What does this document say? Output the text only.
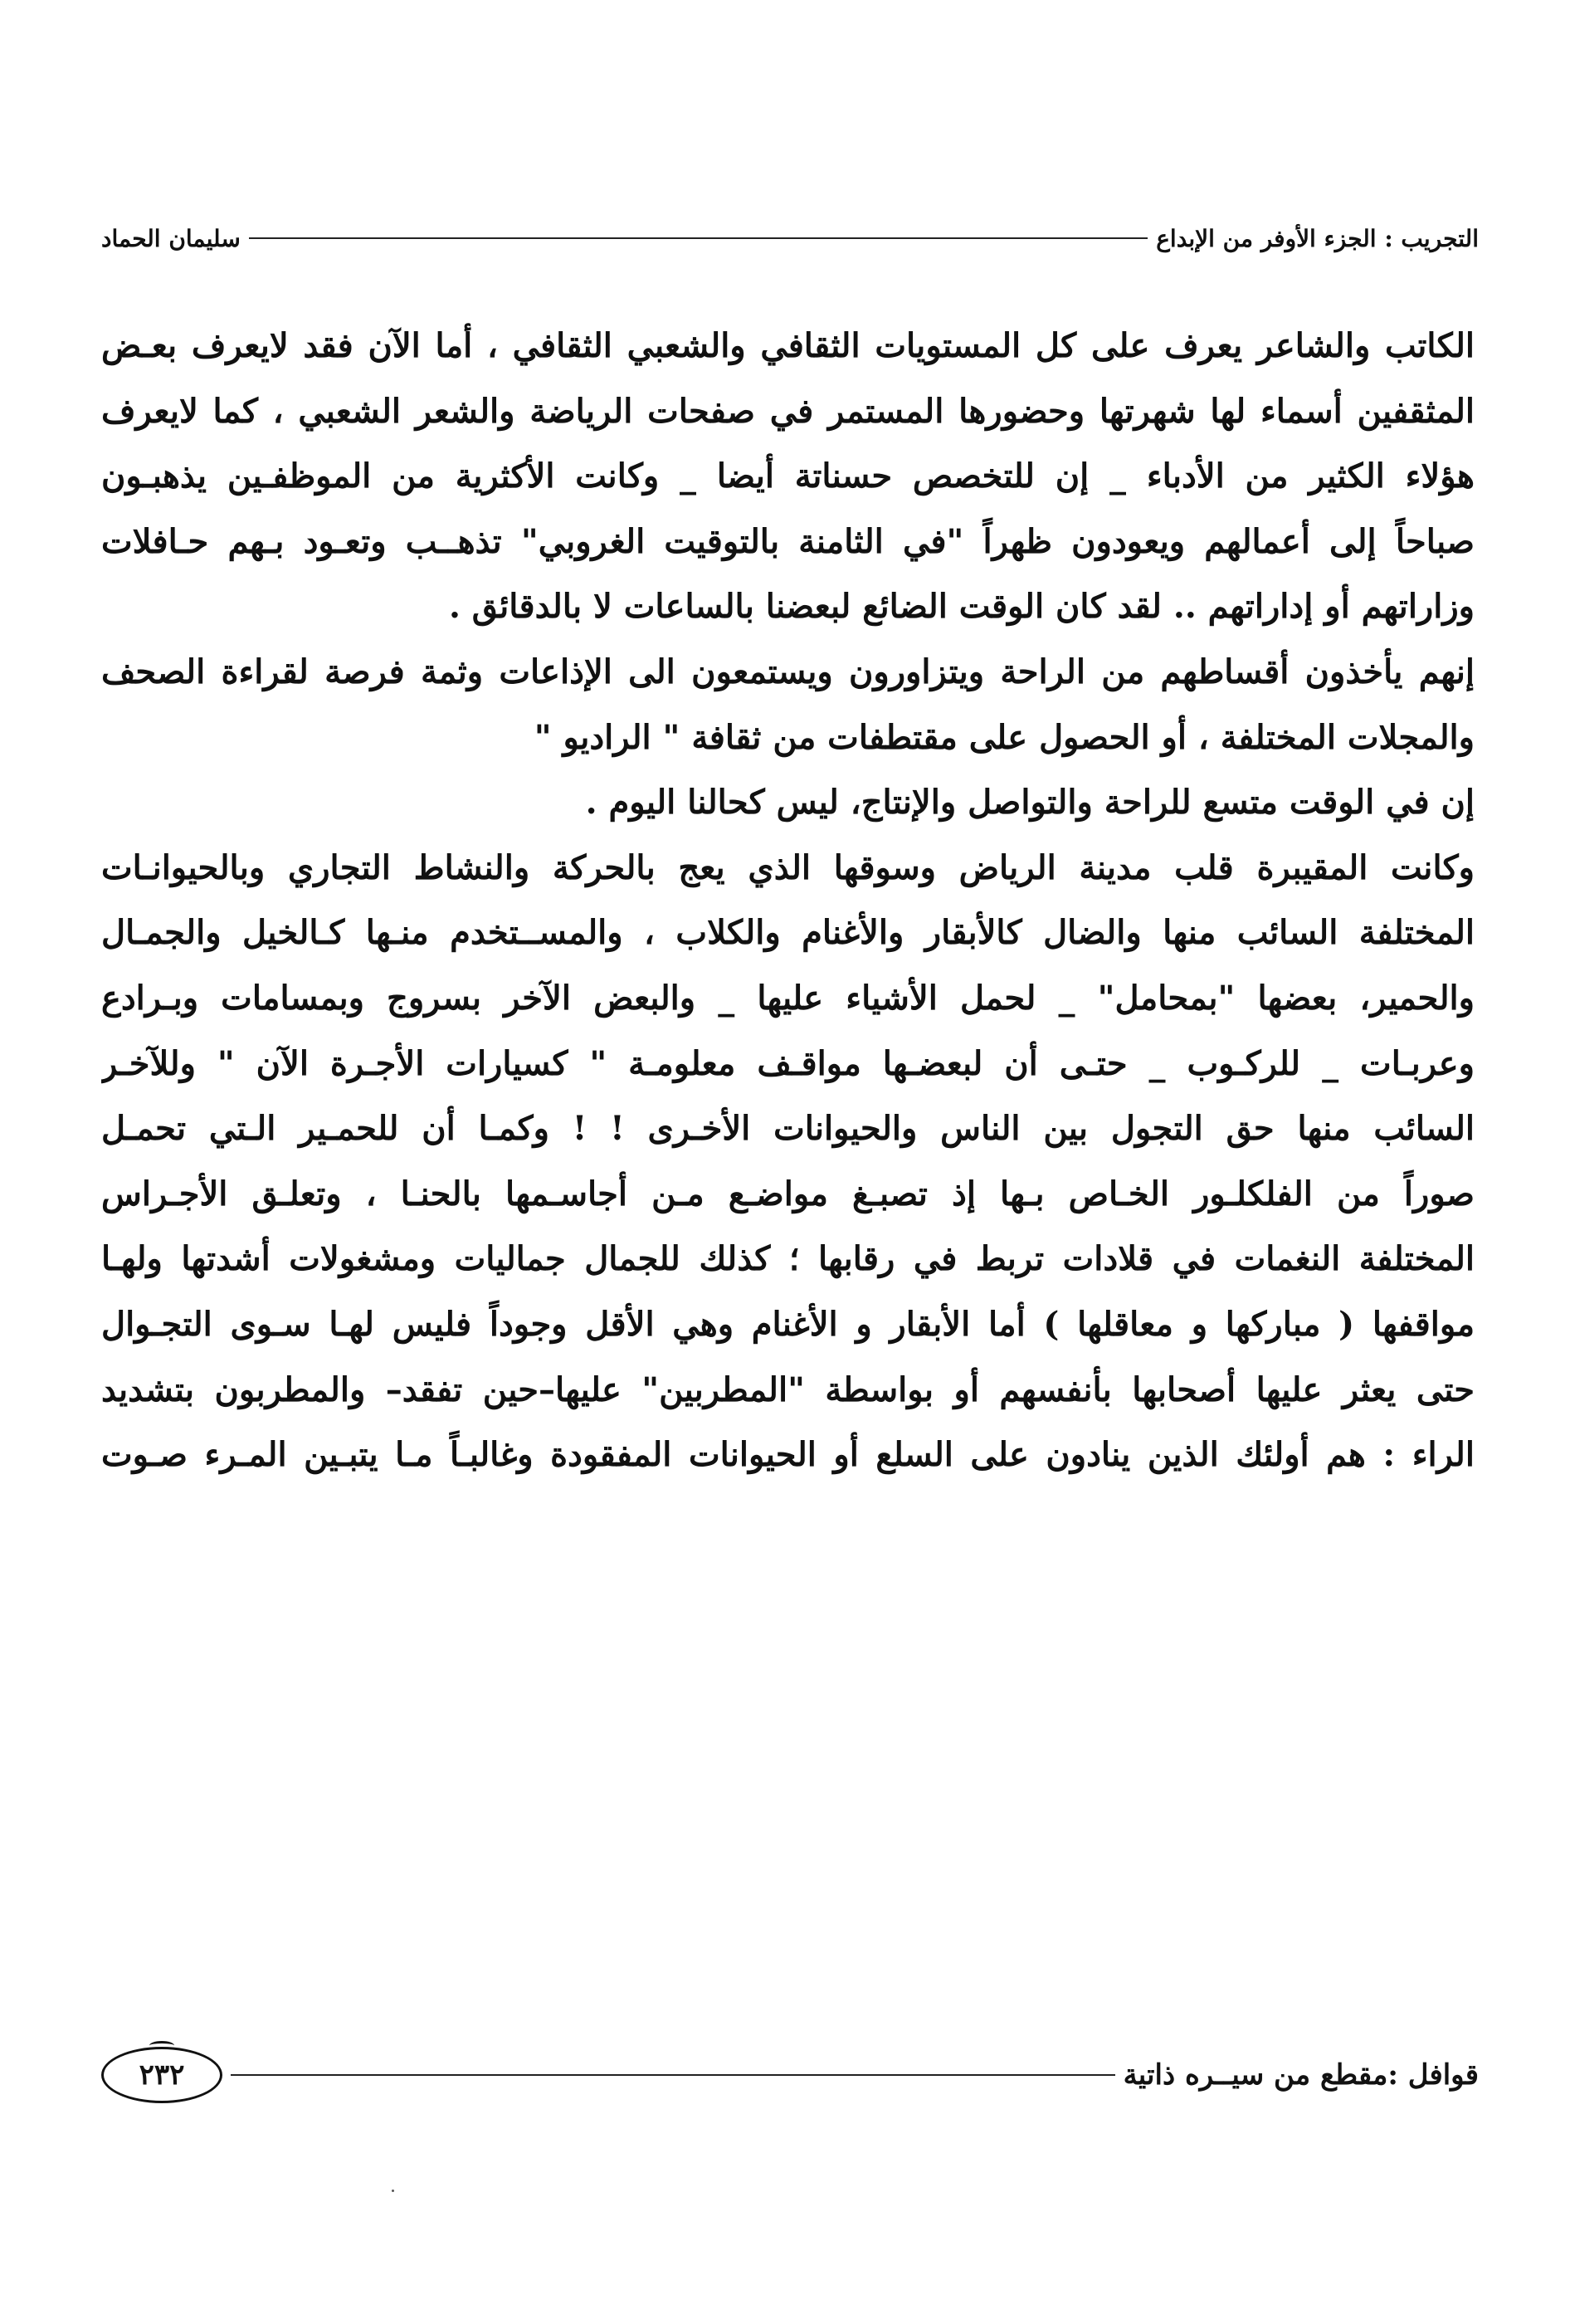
التجريب : الجزء الأوفر من الإبداع
سليمان الحماد
الكاتب والشاعر يعرف على كل المستويات الثقافي والشعبي الثقافي ، أما الآن فقد لايعرف بعـض
المثقفين أسماء لها شهرتها وحضورها المستمر في صفحات الرياضة والشعر الشعبي ، كما لايعرف
هؤلاء الكثير من الأدباء _ إن للتخصص حسناتة أيضا _ وكانت الأكثرية من الموظفـين يذهبـون
صباحاً إلى أعمالهم ويعودون ظهراً "في الثامنة بالتوقيت الغروبي" تذهــب وتعـود بـهم حـافلات
وزاراتهم أو إداراتهم .. لقد كان الوقت الضائع لبعضنا بالساعات لا بالدقائق .
إنهم يأخذون أقساطهم من الراحة ويتزاورون ويستمعون الى الإذاعات وثمة فرصة لقراءة الصحف
والمجلات المختلفة ، أو الحصول على مقتطفات من ثقافة " الراديو "
إن في الوقت متسع للراحة والتواصل والإنتاج، ليس كحالنا اليوم .
وكانت المقيبرة قلب مدينة الرياض وسوقها الذي يعج بالحركة والنشاط التجاري وبالحيوانـات
المختلفة السائب منها والضال كالأبقار والأغنام والكلاب ، والمســتخدم منـها كـالخيل والجمـال
والحمير، بعضها "بمحامل" _ لحمل الأشياء عليها _ والبعض الآخر بسروج وبمسامات وبـرادع
وعربـات _ للركـوب _ حتـى أن لبعضـها مواقـف معلومـة " كسيارات الأجـرة الآن " وللآخـر
السائب منها حق التجول بين الناس والحيوانات الأخـرى ! ! وكمـا أن للحمـير الـتي تحمـل
صوراً من الفلكلـور الخـاص بـها إذ تصبـغ مواضـع مـن أجاسـمها بالحنـا ، وتعلـق الأجـراس
المختلفة النغمات في قلادات تربط في رقابها ؛ كذلك للجمال جماليات ومشغولات أشدتها ولهـا
مواقفها ( مباركها و معاقلها ) أما الأبقار و الأغنام وهي الأقل وجوداً فليس لهـا سـوى التجـوال
حتى يعثر عليها أصحابها بأنفسهم أو بواسطة "المطربين" عليها–حين تفقد– والمطربون بتشديد
الراء : هم أولئك الذين ينادون على السلع أو الحيوانات المفقودة وغالبـاً مـا يتبـين المـرء صـوت
قوافل :مقطع من سيــره ذاتية
٢٣٢
